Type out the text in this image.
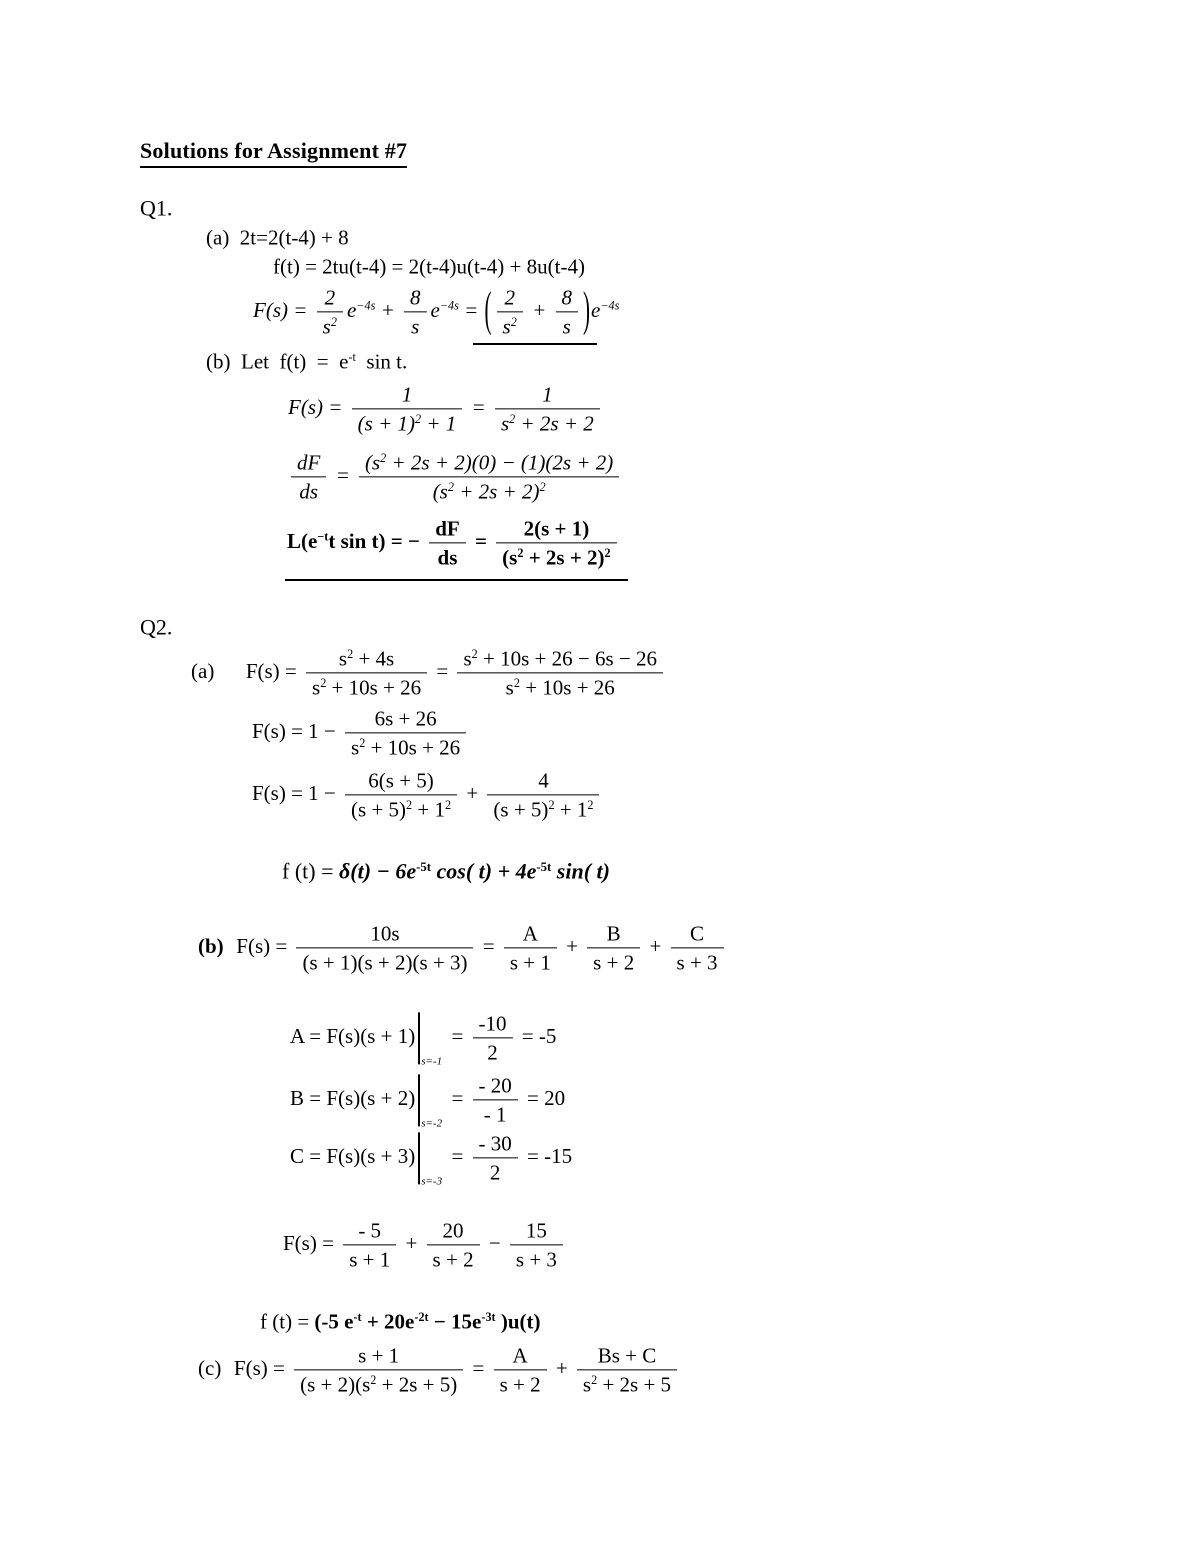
Solutions for Assignment #7
Q1.
(a)  2t=2(t-4) + 8
f(t) = 2tu(t-4) = 2(t-4)u(t-4) + 8u(t-4)
$F(s) = \frac{2}{s^2} e^{-4s} + \frac{8}{s} e^{-4s}$ = ( $\frac{2}{s^2} + \frac{8}{s} )e^{-4s}$
(b)  Let  $f(t) = e^{-t}$  sin t.
$F(s) = \frac{1}{(s + 1)^2 + 1} = \frac{1}{s^2 + 2s + 2}$
$\frac{dF}{ds} = \frac{(s^2 + 2s + 2)(0) - (1)(2s + 2)}{(s^2 + 2s + 2)^2}$
$L(e^{-t}t$ sin t) = − $\frac{dF}{ds} = \frac{2(s + 1)}{(s^2 + 2s + 2)^2}$
Q2.
(a) $F(s) = \frac{s^2 + 4s}{s^2 + 10s + 26} = \frac{s^2 + 10s + 26 - 6s - 26}{s^2 + 10s + 26}$
$F(s) = 1 - \frac{6s + 26}{s^2 + 10s + 26}$
$F(s) = 1 - \frac{6(s + 5)}{(s + 5)^2 + 1^2} + \frac{4}{(s + 5)^2 + 1^2}$
f $(t) = \delta(t) - 6e^{-5t}$ cos( $t) + 4e^{-5t}$ sin( t)
(b) $F(s) = \frac{10s}{(s + 1)(s + 2)(s + 3)} = \frac{A}{s + 1} + \frac{B}{s + 2} + \frac{C}{s + 3}$
A = F(s)(s + 1)
s=-1
= $\frac{-10}{2} = -5$
B = F(s)(s + 2)
s=-2
= $\frac{- 20}{- 1} = 20$
C = F(s)(s + 3)
s=-3
= $\frac{- 30}{2} = -15$
$F(s) = \frac{- 5}{s + 1} + \frac{20}{s + 2} - \frac{15}{s + 3}$
f (t) = (-5 $e^{-t} + 20e^{-2t} - 15e^{-3t}$ )u(t)
(c) $F(s) = \frac{s + 1}{(s + 2)(s^2 + 2s + 5)} = \frac{A}{s + 2} + \frac{Bs + C}{s^2 + 2s + 5}$
